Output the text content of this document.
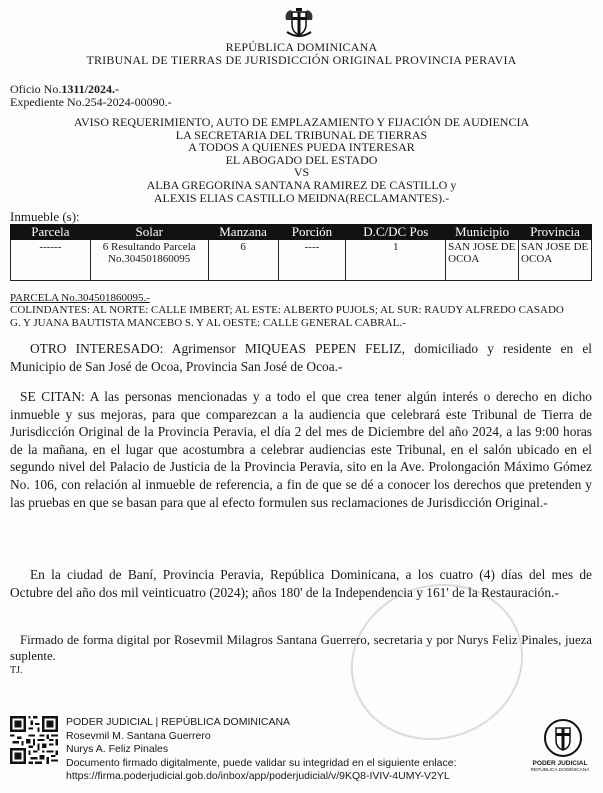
REPÚBLICA DOMINICANA
TRIBUNAL DE TIERRAS DE JURISDICCIÓN ORIGINAL PROVINCIA PERAVIA
Oficio No.1311/2024.-
Expediente No.254-2024-00090.-
AVISO REQUERIMIENTO, AUTO DE EMPLAZAMIENTO Y FIJACIÓN DE AUDIENCIA
LA SECRETARIA DEL TRIBUNAL DE TIERRAS
A TODOS A QUIENES PUEDA INTERESAR
EL ABOGADO DEL ESTADO
VS
ALBA GREGORINA SANTANA RAMIREZ DE CASTILLO y
ALEXIS ELIAS CASTILLO MEIDNA(RECLAMANTES).-
Inmueble (s):
Parcela	Solar	Manzana	Porción	D.C/DC Pos	Municipio	Provincia
------	6 Resultando Parcela No.304501860095	6	----	1	SAN JOSE DE OCOA	SAN JOSE DE OCOA
PARCELA No.304501860095.-
COLINDANTES: AL NORTE: CALLE IMBERT; AL ESTE: ALBERTO PUJOLS; AL SUR: RAUDY ALFREDO CASADO
G. Y JUANA BAUTISTA MANCEBO S. Y AL OESTE: CALLE GENERAL CABRAL.-
OTRO INTERESADO: Agrimensor MIQUEAS PEPEN FELIZ, domiciliado y residente en el Municipio de San José de Ocoa, Provincia San José de Ocoa.-
SE CITAN: A las personas mencionadas y a todo el que crea tener algún interés o derecho en dicho inmueble y sus mejoras, para que comparezcan a la audiencia que celebrará este Tribunal de Tierra de Jurisdicción Original de la Provincia Peravia, el día 2 del mes de Diciembre del año 2024, a las 9:00 horas de la mañana, en el lugar que acostumbra a celebrar audiencias este Tribunal, en el salón ubicado en el segundo nivel del Palacio de Justicia de la Provincia Peravia, sito en la Ave. Prolongación Máximo Gómez No. 106, con relación al inmueble de referencia, a fin de que se dé a conocer los derechos que pretenden y las pruebas en que se basan para que al efecto formulen sus reclamaciones de Jurisdicción Original.-
En la ciudad de Baní, Provincia Peravia, República Dominicana, a los cuatro (4) días del mes de Octubre del año dos mil veinticuatro (2024); años 180' de la Independencia y 161' de la Restauración.-
Firmado de forma digital por Rosevmil Milagros Santana Guerrero, secretaria y por Nurys Feliz Pinales, jueza suplente.
TJ.
PODER JUDICIAL | REPÚBLICA DOMINICANA
Rosevmil M. Santana Guerrero
Nurys A. Feliz Pinales
Documento firmado digitalmente, puede validar su integridad en el siguiente enlace:
https://firma.poderjudicial.gob.do/inbox/app/poderjudicial/v/9KQ8-IVIV-4UMY-V2YL
PODER JUDICIAL
REPÚBLICA DOMINICANA
